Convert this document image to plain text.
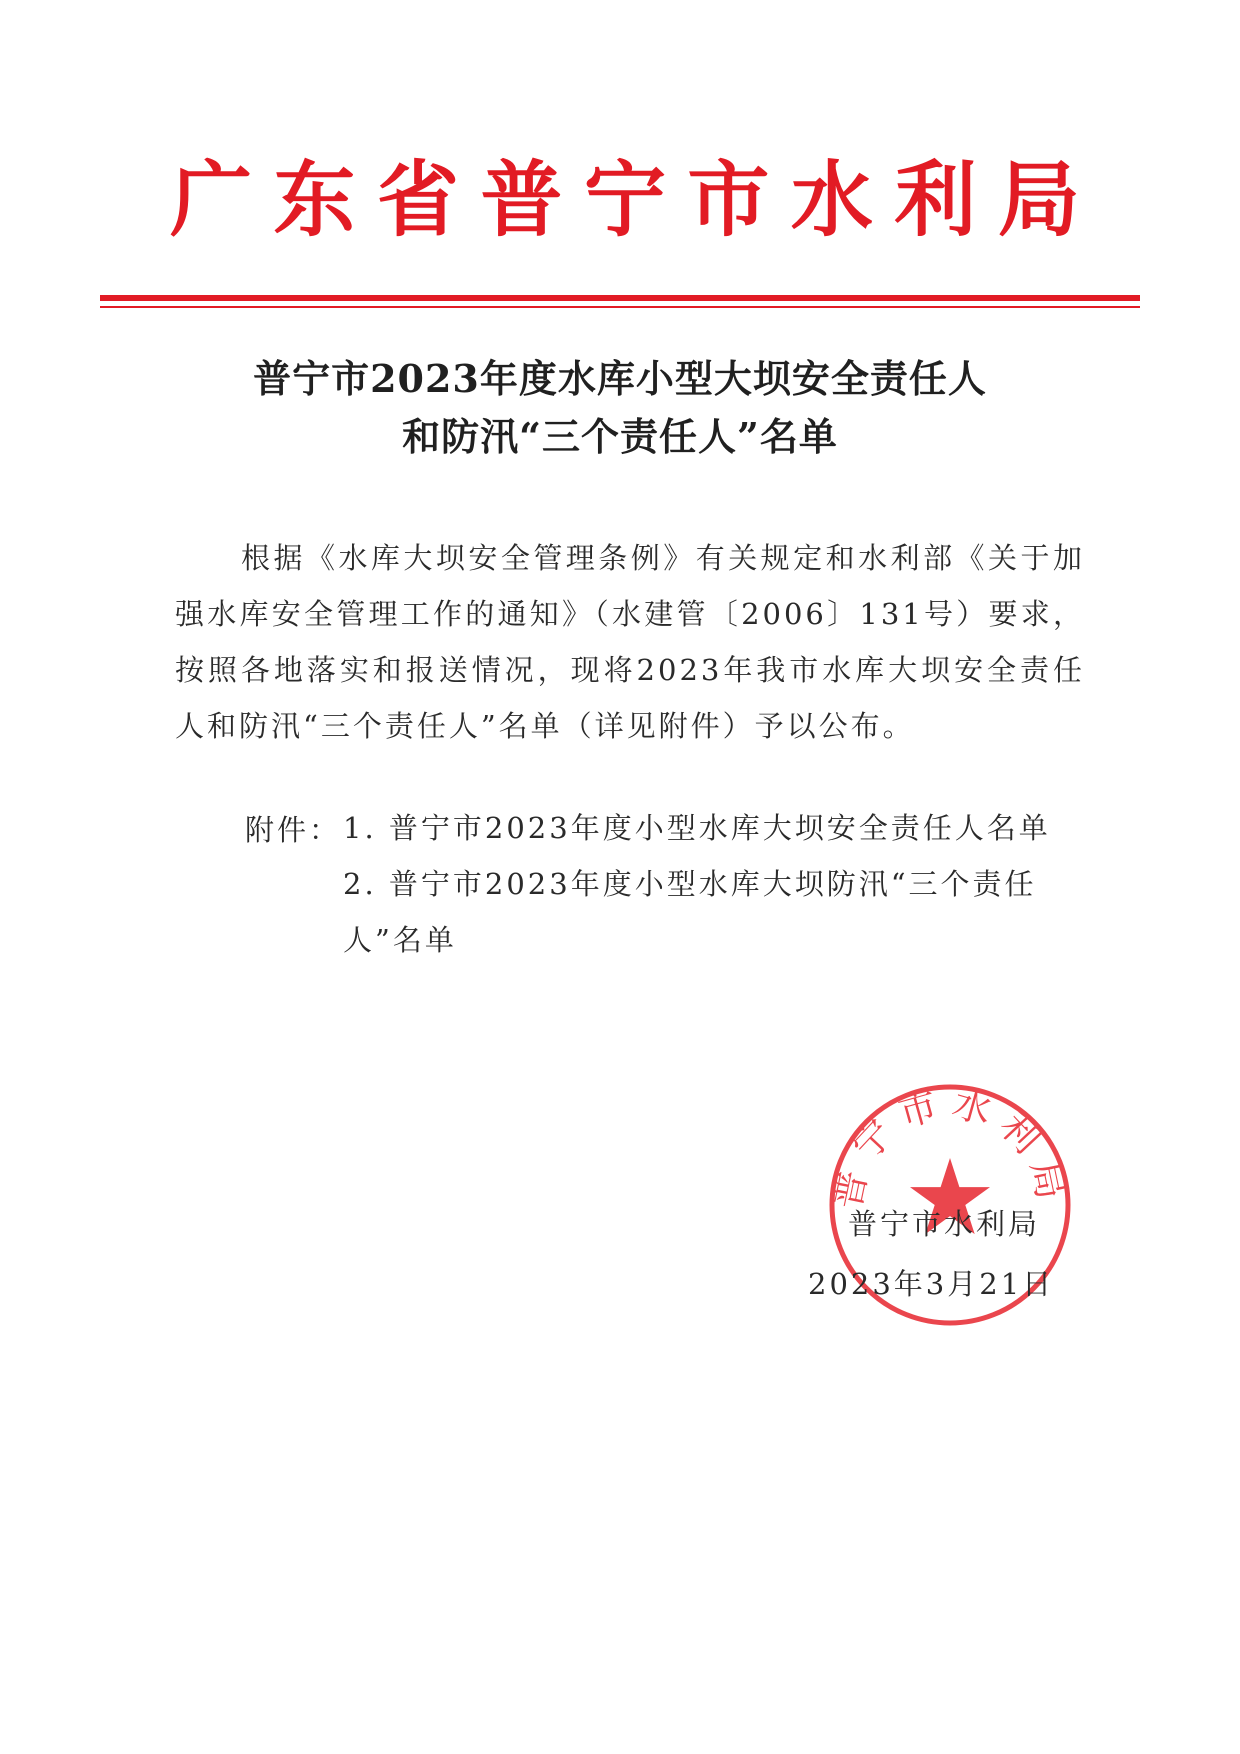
广 东 省 普 宁 市 水 利 局
普宁市2023年度水库小型大坝安全责任人
和防汛“三个责任人”名单

根据《水库大坝安全管理条例》有关规定和水利部《关于加强水库安全管理工作的通知》（水建管〔2006〕131号）要求，按照各地落实和报送情况，现将2023年我市水库大坝安全责任人和防汛“三个责任人”名单（详见附件）予以公布。

附件： 1. 普宁市2023年度小型水库大坝安全责任人名单
2. 普宁市2023年度小型水库大坝防汛“三个责任人”名单
普宁市水利局
普宁市水利局
2023年3月21日
